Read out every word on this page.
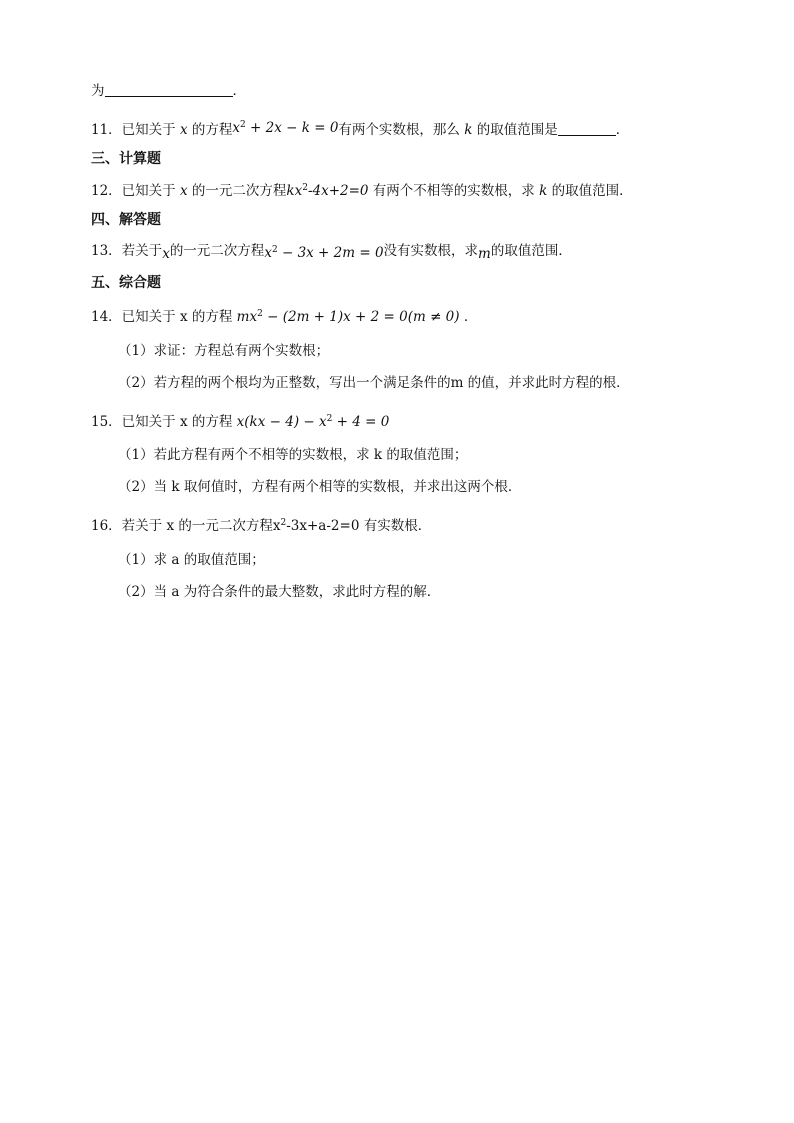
为	．
11．已知关于 x 的方程$x^2 + 2x - k = 0$有两个实数根，那么 k 的取值范围是	．
三、计算题
12．已知关于 x 的一元二次方程$kx^2-4x+2=0$ 有两个不相等的实数根，求 k 的取值范围．
四、解答题
13．若关于x的一元二次方程$x^2 - 3x + 2m = 0$没有实数根，求m的取值范围．
五、综合题
14．已知关于 x 的方程 $mx^2 - (2m + 1)x + 2 = 0(m \ne 0)$ ．
（1）求证：方程总有两个实数根；
（2）若方程的两个根均为正整数，写出一个满足条件的m 的值，并求此时方程的根．
15．已知关于 x 的方程 $x(kx - 4) - x^2 + 4 = 0$
（1）若此方程有两个不相等的实数根，求 k 的取值范围；
（2）当 k 取何值时，方程有两个相等的实数根，并求出这两个根．
16．若关于 x 的一元二次方程$x^2-3x+a-2=0$ 有实数根．
（1）求 a 的取值范围；
（2）当 a 为符合条件的最大整数，求此时方程的解．
